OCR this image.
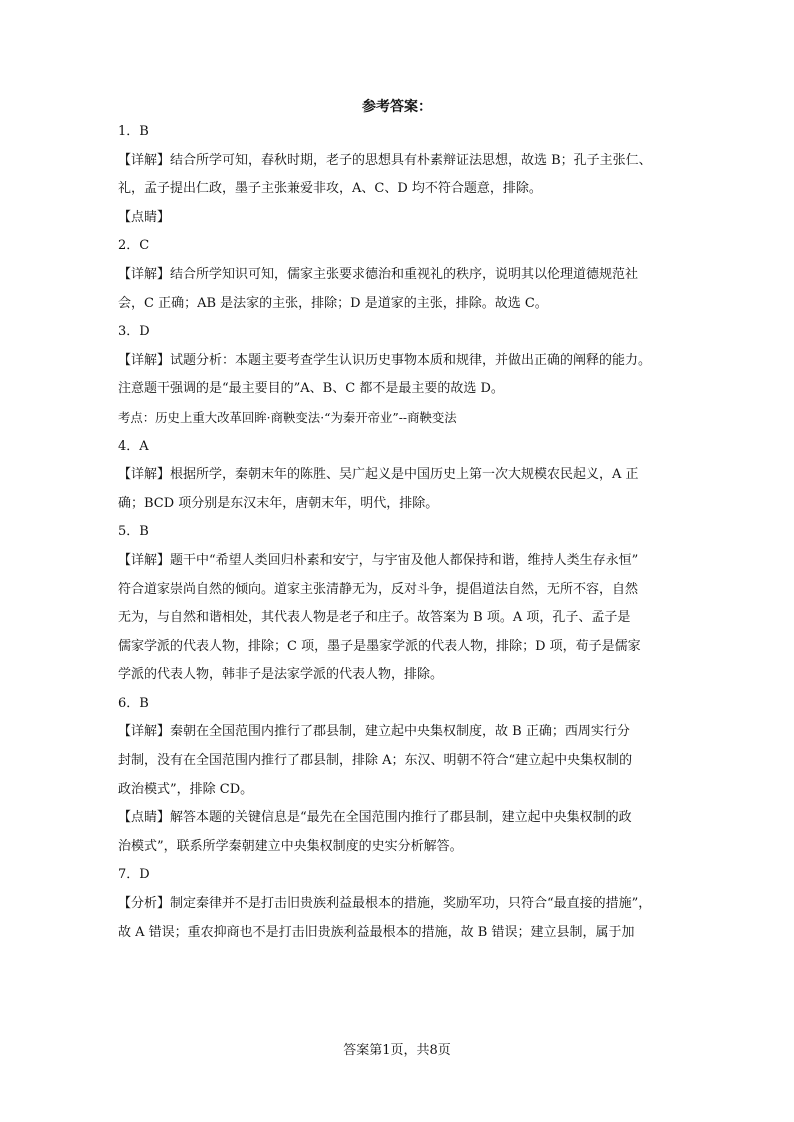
参考答案：
1．B
【详解】结合所学可知，春秋时期，老子的思想具有朴素辩证法思想，故选 B；孔子主张仁、
礼，孟子提出仁政，墨子主张兼爱非攻，A、C、D 均不符合题意，排除。
【点睛】
2．C
【详解】结合所学知识可知，儒家主张要求德治和重视礼的秩序，说明其以伦理道德规范社
会，C 正确；AB 是法家的主张，排除；D 是道家的主张，排除。故选 C。
3．D
【详解】试题分析：本题主要考查学生认识历史事物本质和规律，并做出正确的阐释的能力。
注意题干强调的是“最主要目的”A、B、C 都不是最主要的故选 D。
考点：历史上重大改革回眸·商鞅变法·“为秦开帝业”--商鞅变法
4．A
【详解】根据所学，秦朝末年的陈胜、吴广起义是中国历史上第一次大规模农民起义，A 正
确；BCD 项分别是东汉末年，唐朝末年，明代，排除。
5．B
【详解】题干中“希望人类回归朴素和安宁，与宇宙及他人都保持和谐，维持人类生存永恒”
符合道家崇尚自然的倾向。道家主张清静无为，反对斗争，提倡道法自然，无所不容，自然
无为，与自然和谐相处，其代表人物是老子和庄子。故答案为 B 项。A 项，孔子、孟子是
儒家学派的代表人物，排除；C 项，墨子是墨家学派的代表人物，排除；D 项，荀子是儒家
学派的代表人物，韩非子是法家学派的代表人物，排除。
6．B
【详解】秦朝在全国范围内推行了郡县制，建立起中央集权制度，故 B 正确；西周实行分
封制，没有在全国范围内推行了郡县制，排除 A；东汉、明朝不符合“建立起中央集权制的
政治模式”，排除 CD。
【点睛】解答本题的关键信息是“最先在全国范围内推行了郡县制，建立起中央集权制的政
治模式”，联系所学秦朝建立中央集权制度的史实分析解答。
7．D
【分析】制定秦律并不是打击旧贵族利益最根本的措施，奖励军功，只符合“最直接的措施”，
故 A 错误；重农抑商也不是打击旧贵族利益最根本的措施，故 B 错误；建立县制，属于加
答案第1页，共8页
